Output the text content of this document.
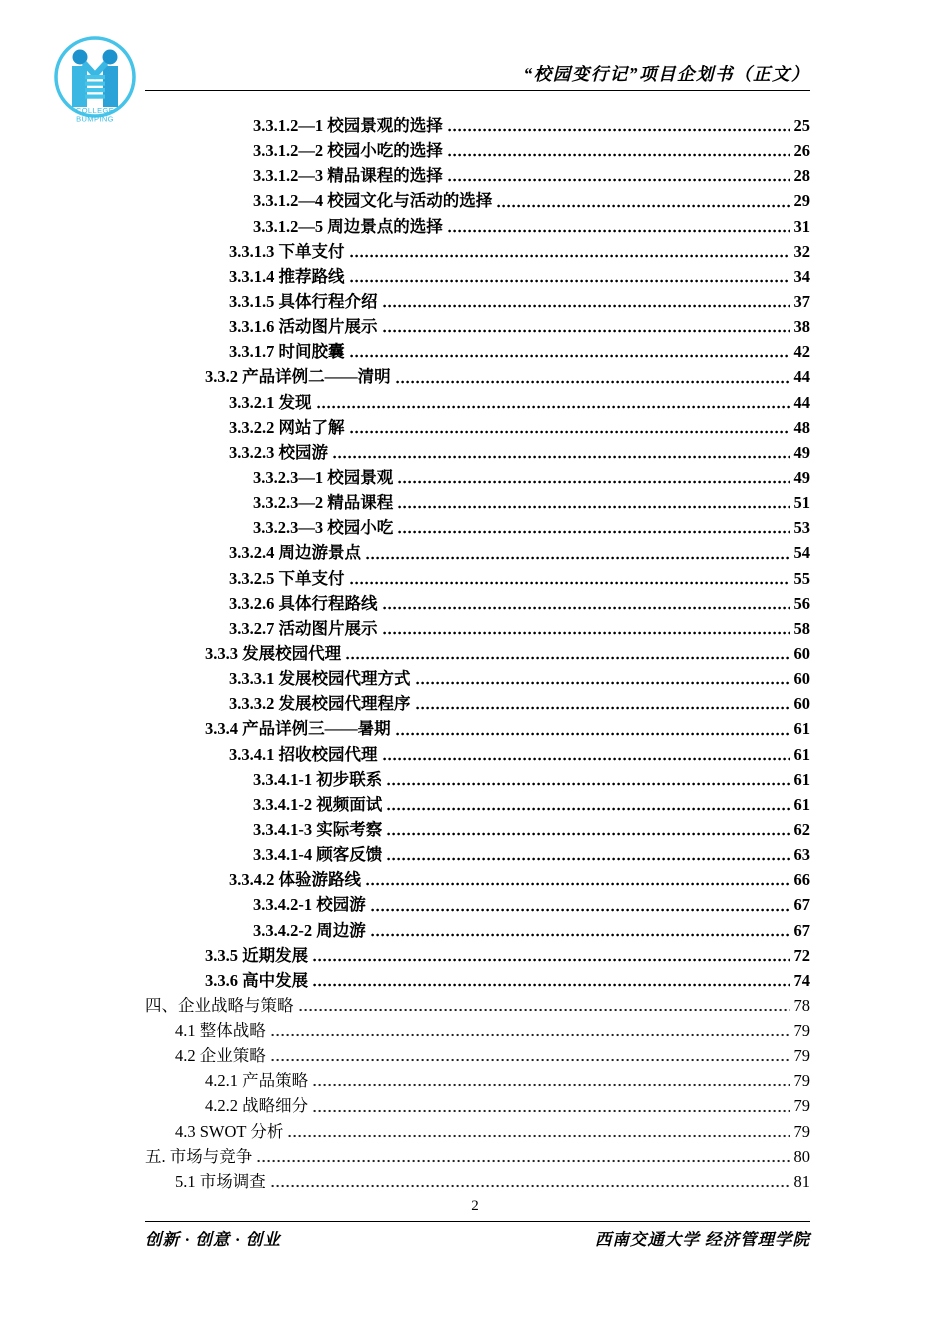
COLLEGE
BUMPING
“校园变行记”项目企划书（正文）
3.3.1.2—1 校园景观的选择	25
3.3.1.2—2 校园小吃的选择	26
3.3.1.2—3 精品课程的选择	28
3.3.1.2—4 校园文化与活动的选择	29
3.3.1.2—5 周边景点的选择	31
3.3.1.3 下单支付	32
3.3.1.4 推荐路线	34
3.3.1.5 具体行程介绍	37
3.3.1.6 活动图片展示	38
3.3.1.7 时间胶囊	42
3.3.2 产品详例二——清明	44
3.3.2.1 发现	44
3.3.2.2 网站了解	48
3.3.2.3 校园游	49
3.3.2.3—1 校园景观	49
3.3.2.3—2 精品课程	51
3.3.2.3—3 校园小吃	53
3.3.2.4 周边游景点	54
3.3.2.5 下单支付	55
3.3.2.6 具体行程路线	56
3.3.2.7 活动图片展示	58
3.3.3 发展校园代理	60
3.3.3.1 发展校园代理方式	60
3.3.3.2 发展校园代理程序	60
3.3.4 产品详例三——暑期	61
3.3.4.1 招收校园代理	61
3.3.4.1-1 初步联系	61
3.3.4.1-2 视频面试	61
3.3.4.1-3 实际考察	62
3.3.4.1-4 顾客反馈	63
3.3.4.2 体验游路线	66
3.3.4.2-1 校园游	67
3.3.4.2-2 周边游	67
3.3.5 近期发展	72
3.3.6 高中发展	74
四、企业战略与策略	78
4.1 整体战略	79
4.2 企业策略	79
4.2.1 产品策略	79
4.2.2 战略细分	79
4.3 SWOT 分析	79
五. 市场与竞争	80
5.1 市场调查	81
2
创新 · 创意 · 创业	西南交通大学 经济管理学院
